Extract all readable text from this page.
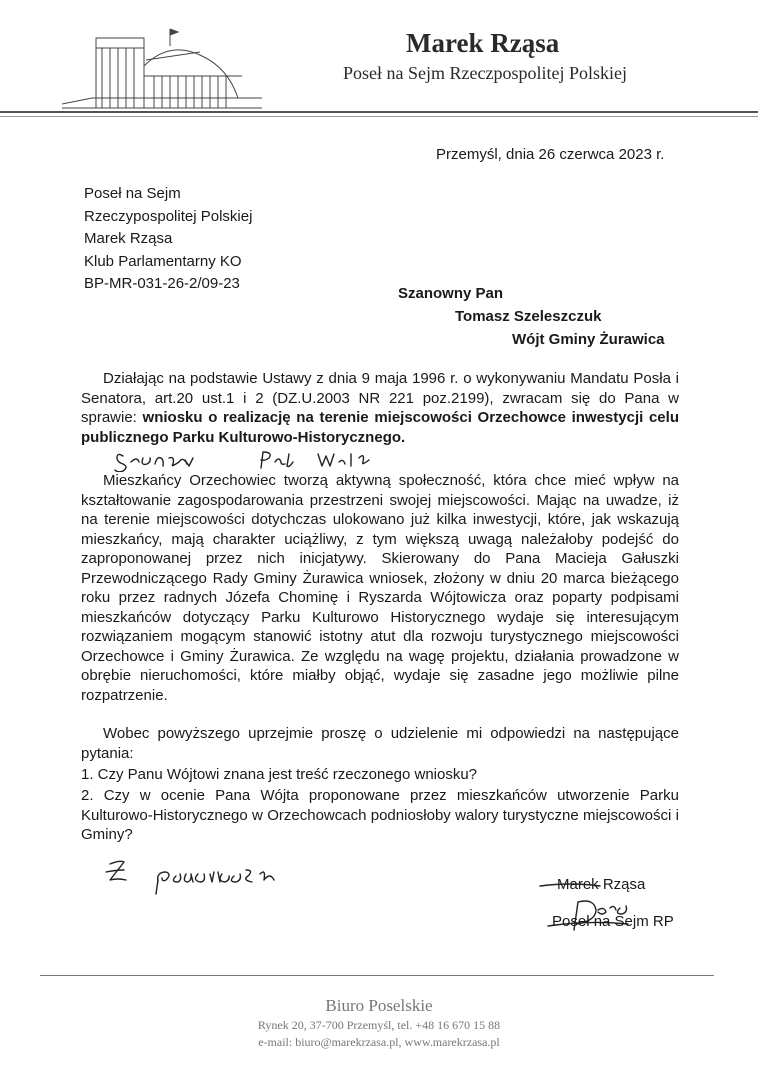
Marek Rząsa
Poseł na Sejm Rzeczpospolitej Polskiej
Przemyśl, dnia 26 czerwca 2023 r.
Poseł na Sejm
Rzeczypospolitej Polskiej
Marek Rząsa
Klub Parlamentarny KO
BP-MR-031-26-2/09-23
Szanowny Pan
Tomasz Szeleszczuk
Wójt Gminy Żurawica
Działając na podstawie Ustawy z dnia 9 maja 1996 r. o wykonywaniu Mandatu Posła i Senatora, art.20 ust.1 i 2 (DZ.U.2003 NR 221 poz.2199), zwracam się do Pana w sprawie: wniosku o realizację na terenie miejscowości Orzechowce inwestycji celu publicznego Parku Kulturowo-Historycznego.
Mieszkańcy Orzechowiec tworzą aktywną społeczność, która chce mieć wpływ na kształtowanie zagospodarowania przestrzeni swojej miejscowości. Mając na uwadze, iż na terenie miejscowości dotychczas ulokowano już kilka inwestycji, które, jak wskazują mieszkańcy, mają charakter uciążliwy, z tym większą uwagą należałoby podejść do zaproponowanej przez nich inicjatywy. Skierowany do Pana Macieja Gałuszki Przewodniczącego Rady Gminy Żurawica wniosek, złożony w dniu 20 marca bieżącego roku przez radnych Józefa Chominę i Ryszarda Wójtowicza oraz poparty podpisami mieszkańców dotyczący Parku Kulturowo Historycznego wydaje się interesującym rozwiązaniem mogącym stanowić istotny atut dla rozwoju turystycznego miejscowości Orzechowce i Gminy Żurawica. Ze względu na wagę projektu, działania prowadzone w obrębie nieruchomości, które miałby objąć, wydaje się zasadne jego możliwie pilne rozpatrzenie.
Wobec powyższego uprzejmie proszę o udzielenie mi odpowiedzi na następujące pytania:
1. Czy Panu Wójtowi znana jest treść rzeczonego wniosku?
2. Czy w ocenie Pana Wójta proponowane przez mieszkańców utworzenie Parku Kulturowo-Historycznego w Orzechowcach podniosłoby walory turystyczne miejscowości i Gminy?
Marek Rząsa
Poseł na Sejm RP
Biuro Poselskie
Rynek 20, 37-700 Przemyśl, tel. +48 16 670 15 88
e-mail: biuro@marekrzasa.pl, www.marekrzasa.pl
